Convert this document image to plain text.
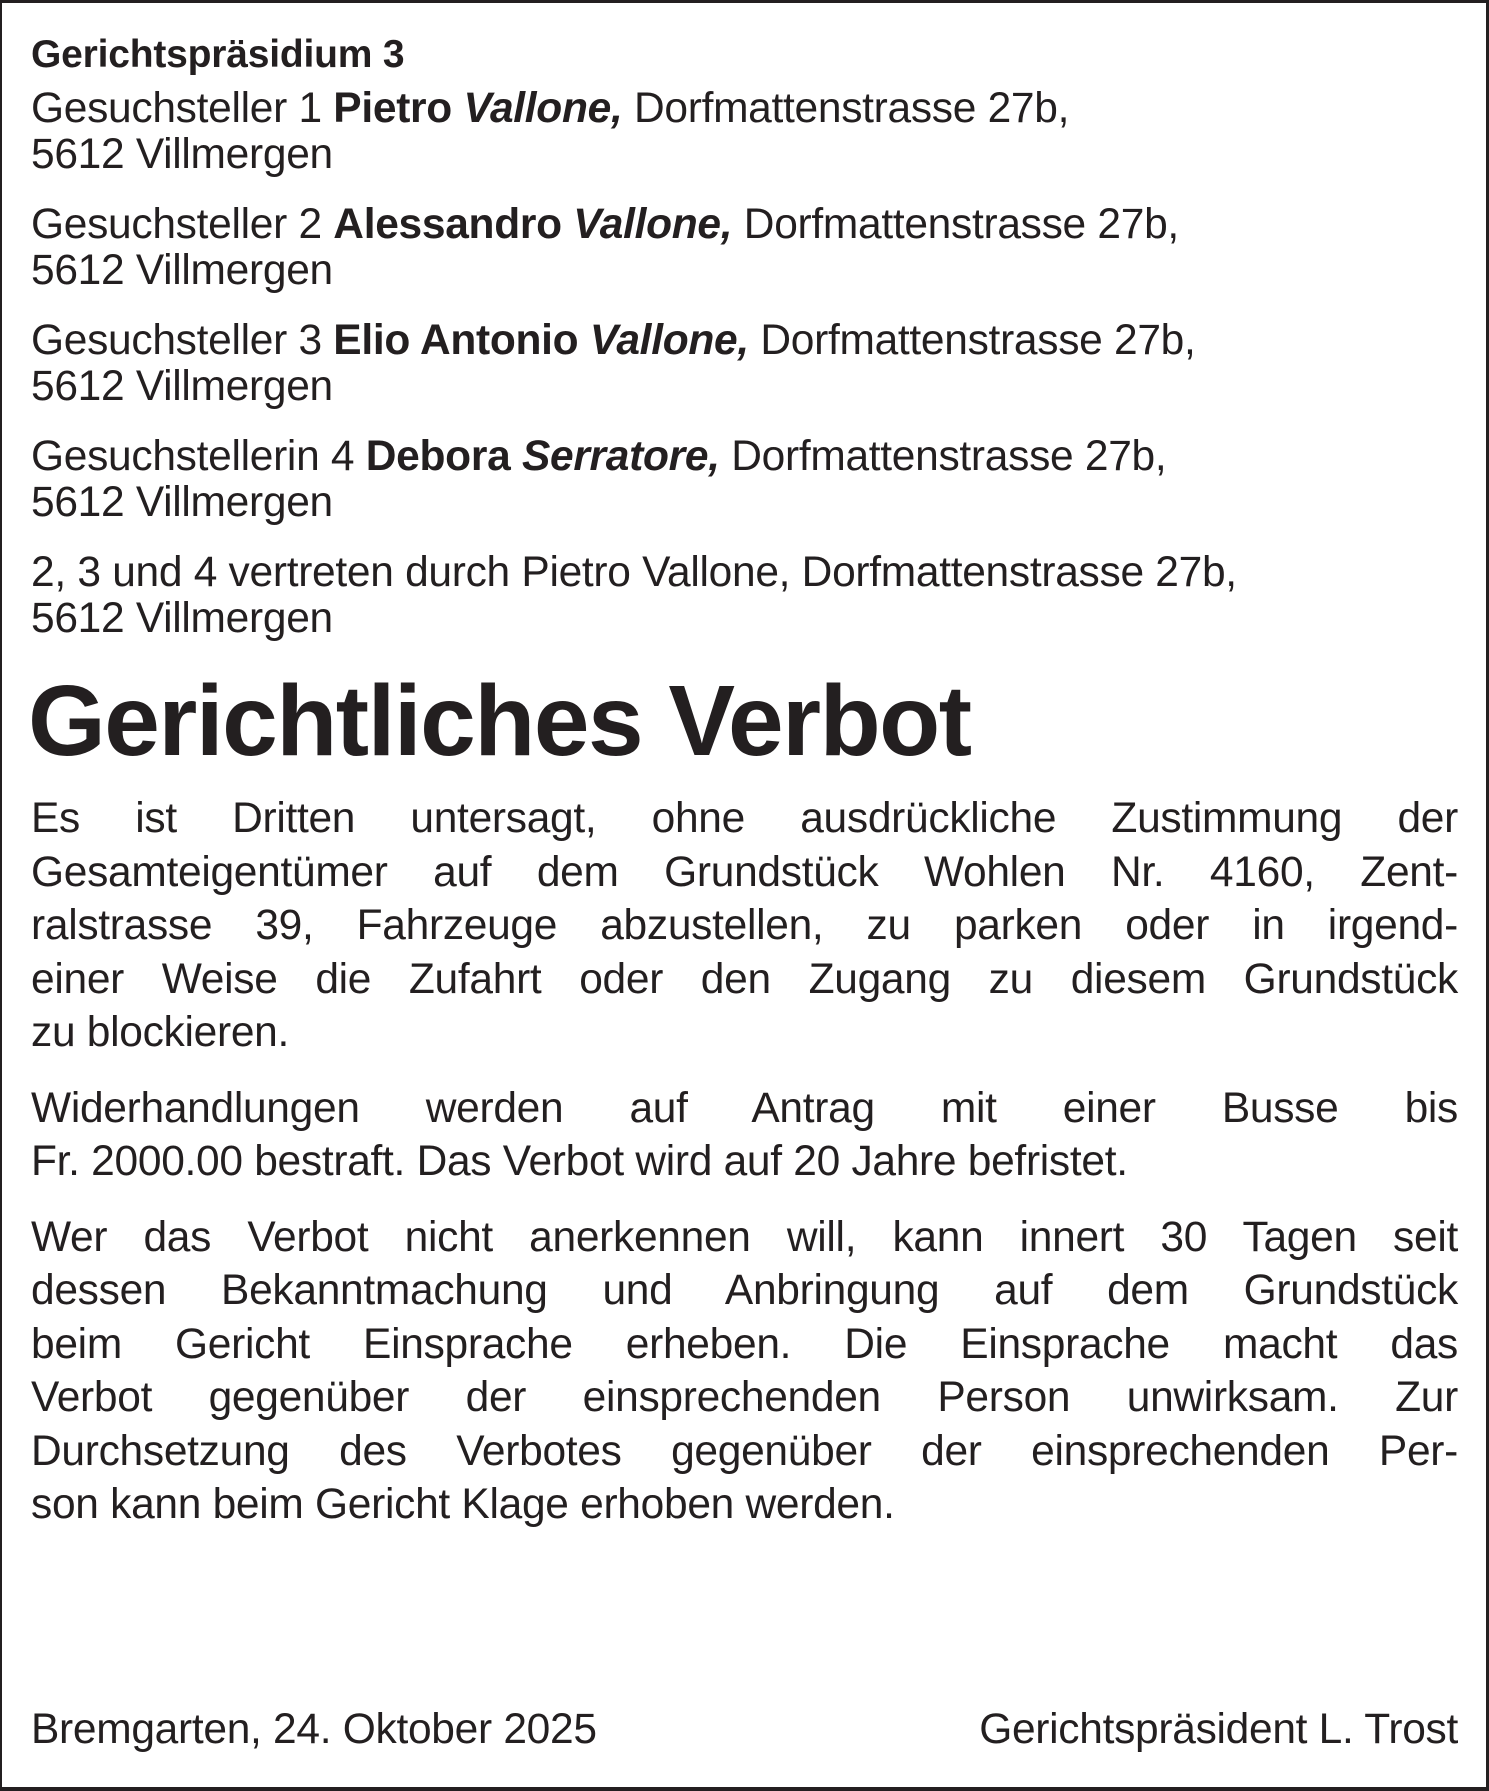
Gerichtspräsidium 3
Gesuchsteller 1 Pietro Vallone, Dorfmattenstrasse 27b,
5612 Villmergen
Gesuchsteller 2 Alessandro Vallone, Dorfmattenstrasse 27b,
5612 Villmergen
Gesuchsteller 3 Elio Antonio Vallone, Dorfmattenstrasse 27b,
5612 Villmergen
Gesuchstellerin 4 Debora Serratore, Dorfmattenstrasse 27b,
5612 Villmergen
2, 3 und 4 vertreten durch Pietro Vallone, Dorfmattenstrasse 27b,
5612 Villmergen
Gerichtliches Verbot
Es ist Dritten untersagt, ohne ausdrückliche Zustimmung der
Gesamteigentümer auf dem Grundstück Wohlen Nr. 4160, Zent-
ralstrasse 39, Fahrzeuge abzustellen, zu parken oder in irgend-
einer Weise die Zufahrt oder den Zugang zu diesem Grundstück
zu blockieren.
Widerhandlungen werden auf Antrag mit einer Busse bis
Fr. 2000.00 bestraft. Das Verbot wird auf 20 Jahre befristet.
Wer das Verbot nicht anerkennen will, kann innert 30 Tagen seit
dessen Bekanntmachung und Anbringung auf dem Grundstück
beim Gericht Einsprache erheben. Die Einsprache macht das
Verbot gegenüber der einsprechenden Person unwirksam. Zur
Durchsetzung des Verbotes gegenüber der einsprechenden Per-
son kann beim Gericht Klage erhoben werden.
Bremgarten, 24. Oktober 2025	Gerichtspräsident L. Trost
